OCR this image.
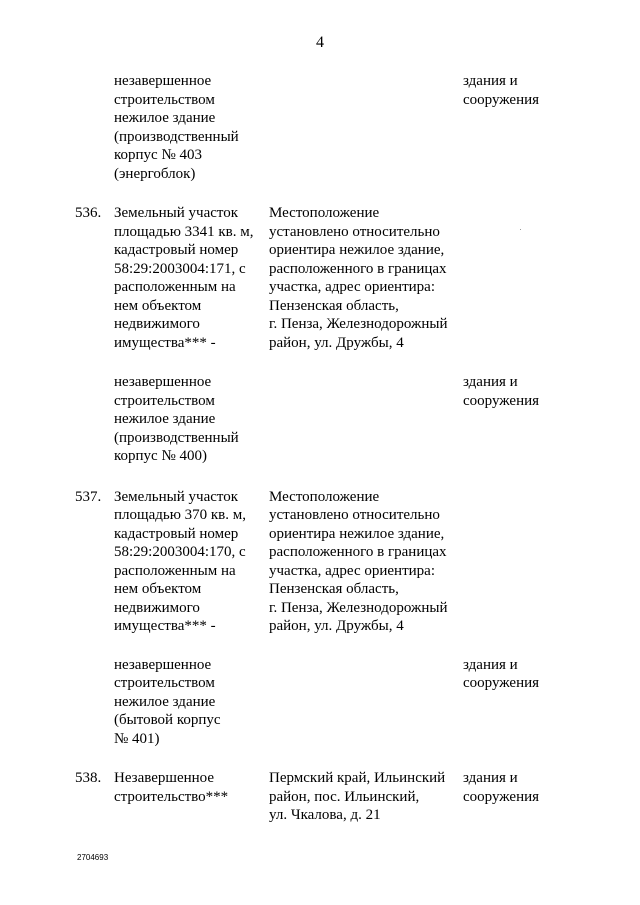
4
незавершенное
строительством
нежилое здание
(производственный
корпус № 403
(энергоблок)
здания и
сооружения
536. Земельный участок
площадью 3341 кв. м,
кадастровый номер
58:29:2003004:171, с
расположенным на
нем объектом
недвижимого
имущества*** -
Местоположение
установлено относительно
ориентира нежилое здание,
расположенного в границах
участка, адрес ориентира:
Пензенская область,
г. Пенза, Железнодорожный
район, ул. Дружбы, 4
незавершенное
строительством
нежилое здание
(производственный
корпус № 400)
здания и
сооружения
537. Земельный участок
площадью 370 кв. м,
кадастровый номер
58:29:2003004:170, с
расположенным на
нем объектом
недвижимого
имущества*** -
Местоположение
установлено относительно
ориентира нежилое здание,
расположенного в границах
участка, адрес ориентира:
Пензенская область,
г. Пенза, Железнодорожный
район, ул. Дружбы, 4
незавершенное
строительством
нежилое здание
(бытовой корпус
№ 401)
здания и
сооружения
538. Незавершенное
строительство***
Пермский край, Ильинский
район, пос. Ильинский,
ул. Чкалова, д. 21
здания и
сооружения
2704693
